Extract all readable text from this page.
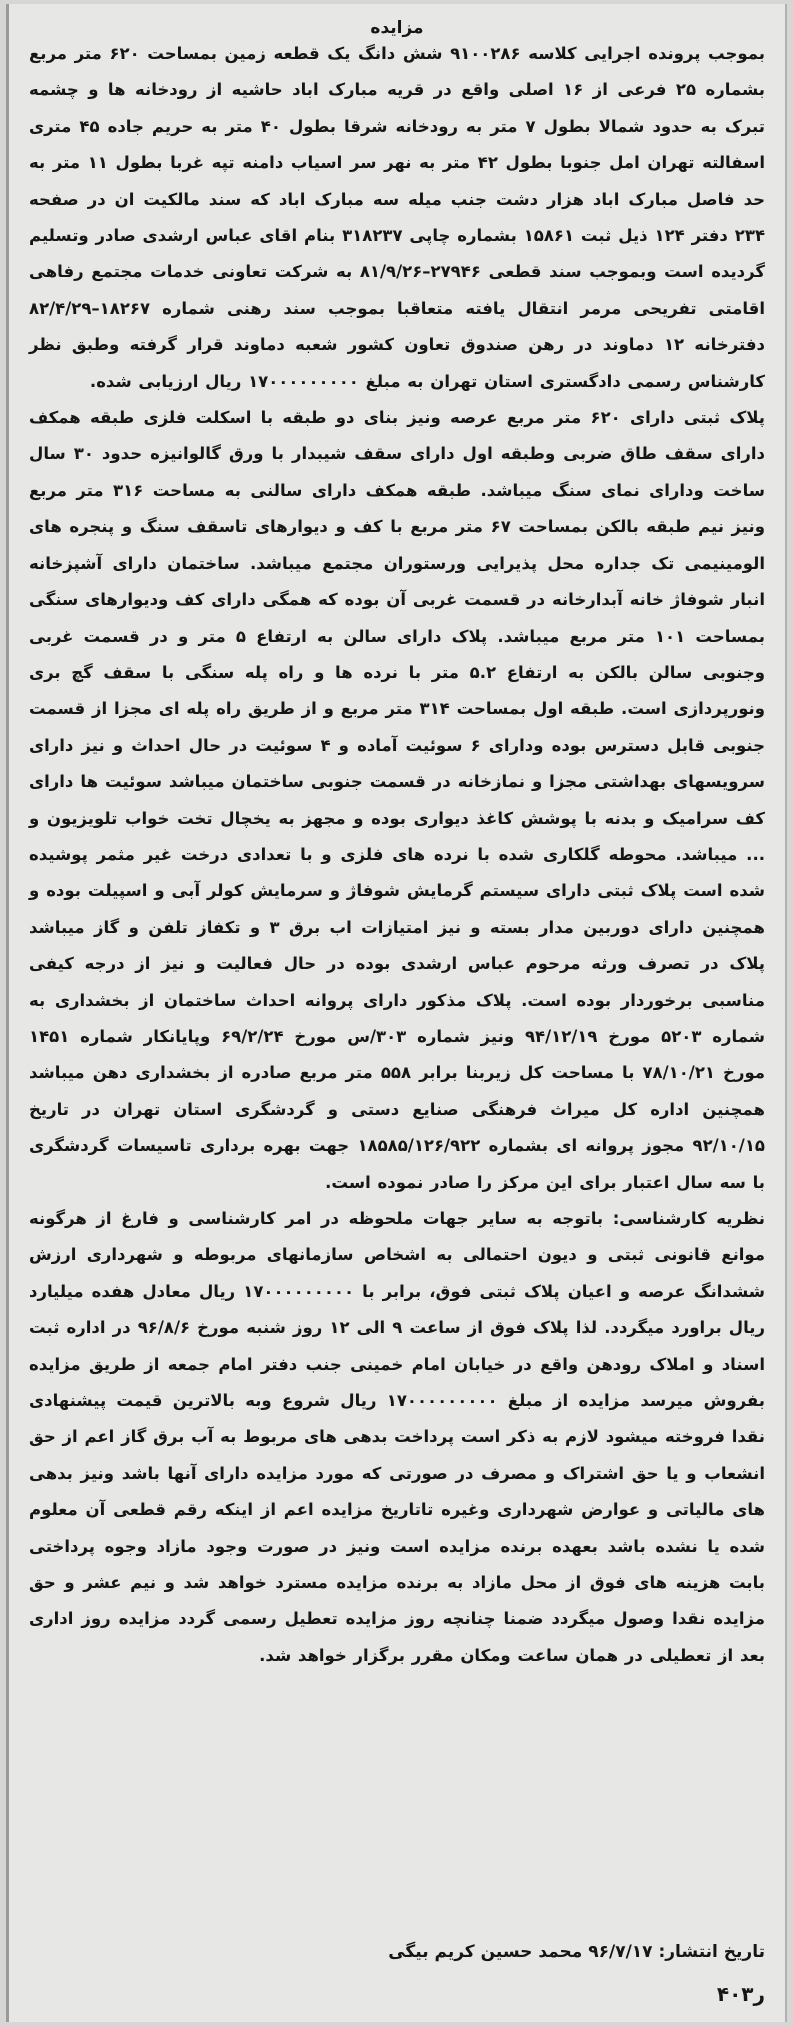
مزایده

بموجب پرونده اجرایی کلاسه ۹۱۰۰۲۸۶ شش دانگ یک قطعه زمین بمساحت ۶۲۰ متر مربع بشماره ۲۵ فرعی از ۱۶ اصلی واقع در قریه مبارک اباد حاشیه از رودخانه ها و چشمه تبرک به حدود شمالا بطول ۷ متر به رودخانه شرقا بطول ۴۰ متر به حریم جاده ۴۵ متری اسفالته تهران امل جنوبا بطول ۴۲ متر به نهر سر اسیاب دامنه تپه غربا بطول ۱۱ متر به حد فاصل مبارک اباد هزار دشت جنب میله سه مبارک اباد که سند مالکیت ان در صفحه ۲۳۴ دفتر ۱۲۴ ذیل ثبت ۱۵۸۶۱ بشماره چاپی ۳۱۸۲۳۷ بنام اقای عباس ارشدی صادر وتسلیم گردیده است وبموجب سند قطعی ۲۷۹۴۶–۸۱/۹/۲۶ به شرکت تعاونی خدمات مجتمع رفاهی اقامتی تفریحی مرمر انتقال یافته متعاقبا بموجب سند رهنی شماره ۱۸۲۶۷–۸۲/۴/۲۹ دفترخانه ۱۲ دماوند در رهن صندوق تعاون کشور شعبه دماوند قرار گرفته وطبق نظر کارشناس رسمی دادگستری استان تهران به مبلغ ۱۷۰۰۰۰۰۰۰۰۰ ریال ارزیابی شده.

پلاک ثبتی دارای ۶۲۰ متر مربع عرصه ونیز بنای دو طبقه با اسکلت فلزی طبقه همکف دارای سقف طاق ضربی وطبقه اول دارای سقف شیبدار با ورق گالوانیزه حدود ۳۰ سال ساخت ودارای نمای سنگ میباشد. طبقه همکف دارای سالنی به مساحت ۳۱۶ متر مربع ونیز نیم طبقه بالکن بمساحت ۶۷ متر مربع با کف و دیوارهای تاسقف سنگ و پنجره های الومینیمی تک جداره محل پذیرایی ورستوران مجتمع میباشد. ساختمان دارای آشپزخانه انبار شوفاژ خانه آبدارخانه در قسمت غربی آن بوده که همگی دارای کف ودیوارهای سنگی بمساحت ۱۰۱ متر مربع میباشد. پلاک دارای سالن به ارتفاع ۵ متر و در قسمت غربی وجنوبی سالن بالکن به ارتفاع ۵.۲ متر با نرده ها و راه پله سنگی با سقف گچ بری ونورپردازی است. طبقه اول بمساحت ۳۱۴ متر مربع و از طریق راه پله ای مجزا از قسمت جنوبی قابل دسترس بوده ودارای ۶ سوئیت آماده و ۴ سوئیت در حال احداث و نیز دارای سرویسهای بهداشتی مجزا و نمازخانه در قسمت جنوبی ساختمان میباشد سوئیت ها دارای کف سرامیک و بدنه با پوشش کاغذ دیواری بوده و مجهز به یخچال تخت خواب تلویزیون و ... میباشد. محوطه گلکاری شده با نرده های فلزی و با تعدادی درخت غیر مثمر پوشیده شده است پلاک ثبتی دارای سیستم گرمایش شوفاژ و سرمایش کولر آبی و اسپیلت بوده و همچنین دارای دوربین مدار بسته و نیز امتیازات اب برق ۳ و تکفاز تلفن و گاز میباشد پلاک در تصرف ورثه مرحوم عباس ارشدی بوده در حال فعالیت و نیز از درجه کیفی مناسبی برخوردار بوده است. پلاک مذکور دارای پروانه احداث ساختمان از بخشداری به شماره ۵۲۰۳ مورخ ۹۴/۱۲/۱۹ ونیز شماره ۳۰۳/س مورخ ۶۹/۲/۲۴ وپایانکار شماره ۱۴۵۱ مورخ ۷۸/۱۰/۲۱ با مساحت کل زیربنا برابر ۵۵۸ متر مربع صادره از بخشداری دهن میباشد همچنین اداره کل میراث فرهنگی صنایع دستی و گردشگری استان تهران در تاریخ ۹۲/۱۰/۱۵ مجوز پروانه ای بشماره ۱۸۵۸۵/۱۲۶/۹۲۲ جهت بهره برداری تاسیسات گردشگری با سه سال اعتبار برای این مرکز را صادر نموده است.

نظریه کارشناسی: باتوجه به سایر جهات ملحوظه در امر کارشناسی و فارغ از هرگونه موانع قانونی ثبتی و دیون احتمالی به اشخاص سازمانهای مربوطه و شهرداری ارزش ششدانگ عرصه و اعیان پلاک ثبتی فوق، برابر با ۱۷۰۰۰۰۰۰۰۰۰ ریال معادل هفده میلیارد ریال براورد میگردد. لذا پلاک فوق از ساعت ۹ الی ۱۲ روز شنبه مورخ ۹۶/۸/۶ در اداره ثبت اسناد و املاک رودهن واقع در خیابان امام خمینی جنب دفتر امام جمعه از طریق مزایده بفروش میرسد مزایده از مبلغ ۱۷۰۰۰۰۰۰۰۰۰ ریال شروع وبه بالاترین قیمت پیشنهادی نقدا فروخته میشود لازم به ذکر است پرداخت بدهی های مربوط به آب برق گاز اعم از حق انشعاب و یا حق اشتراک و مصرف در صورتی که مورد مزایده دارای آنها باشد ونیز بدهی های مالیاتی و عوارض شهرداری وغیره تاتاریخ مزایده اعم از اینکه رقم قطعی آن معلوم شده یا نشده باشد بعهده برنده مزایده است ونیز در صورت وجود مازاد وجوه پرداختی بابت هزینه های فوق از محل مازاد به برنده مزایده مسترد خواهد شد و نیم عشر و حق مزایده نقدا وصول میگردد ضمنا چنانچه روز مزایده تعطیل رسمی گردد مزایده روز اداری بعد از تعطیلی در همان ساعت ومکان مقرر برگزار خواهد شد.

تاریخ انتشار: ۹۶/۷/۱۷ محمد حسین کریم بیگی
ر۴۰۳
